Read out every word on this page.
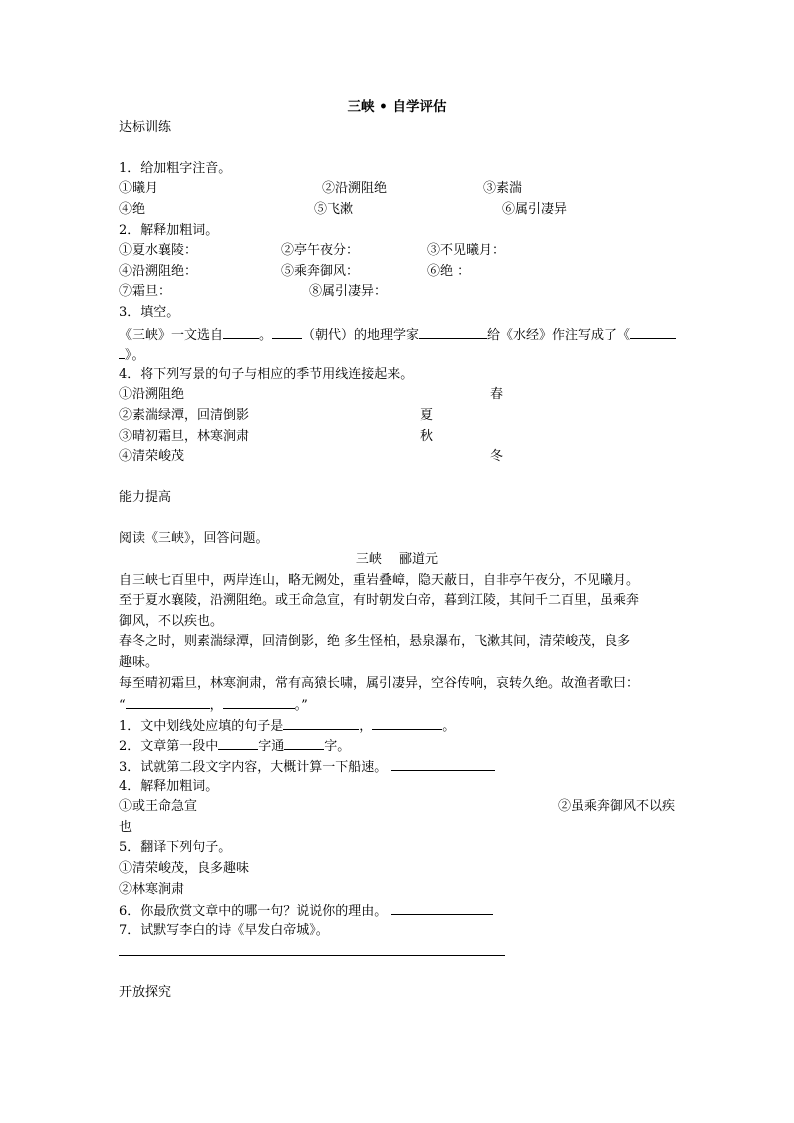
三峡 • 自学评估
达标训练
1．给加粗字注音。
①曦月	②沿溯阻绝	③素湍
④绝	⑤飞漱	⑥属引凄异
2．解释加粗词。
①夏水襄陵：	②亭午夜分：	③不见曦月：
④沿溯阻绝：	⑤乘奔御风：	⑥绝 ：
⑦霜旦：	⑧属引凄异：
3．填空。
《三峡》一文选自	。 （朝代）的地理学家	给《水经》作注写成了《
》。
4．将下列写景的句子与相应的季节用线连接起来。
①沿溯阻绝	春
②素湍绿潭，回清倒影	夏
③晴初霜旦，林寒涧肃	秋
④清荣峻茂	冬
能力提高
阅读《三峡》，回答问题。
三峡　 郦道元
自三峡七百里中，两岸连山，略无阙处，重岩叠嶂，隐天蔽日，自非亭午夜分，不见曦月。
至于夏水襄陵，沿溯阻绝。或王命急宣，有时朝发白帝，暮到江陵，其间千二百里，虽乘奔
御风，不以疾也。
春冬之时，则素湍绿潭，回清倒影，绝 多生怪柏，悬泉瀑布，飞漱其间，清荣峻茂，良多
趣味。
每至晴初霜旦，林寒涧肃，常有高猿长啸，属引凄异，空谷传响，哀转久绝。故渔者歌曰：
“	，	。”
1．文中划线处应填的句子是	，	。
2．文章第一段中	字通	字。
3．试就第二段文字内容，大概计算一下船速。
4．解释加粗词。
①或王命急宣	②虽乘奔御风不以疾
也
5．翻译下列句子。
①清荣峻茂，良多趣味
②林寒涧肃
6．你最欣赏文章中的哪一句？说说你的理由。
7．试默写李白的诗《早发白帝城》。
开放探究
